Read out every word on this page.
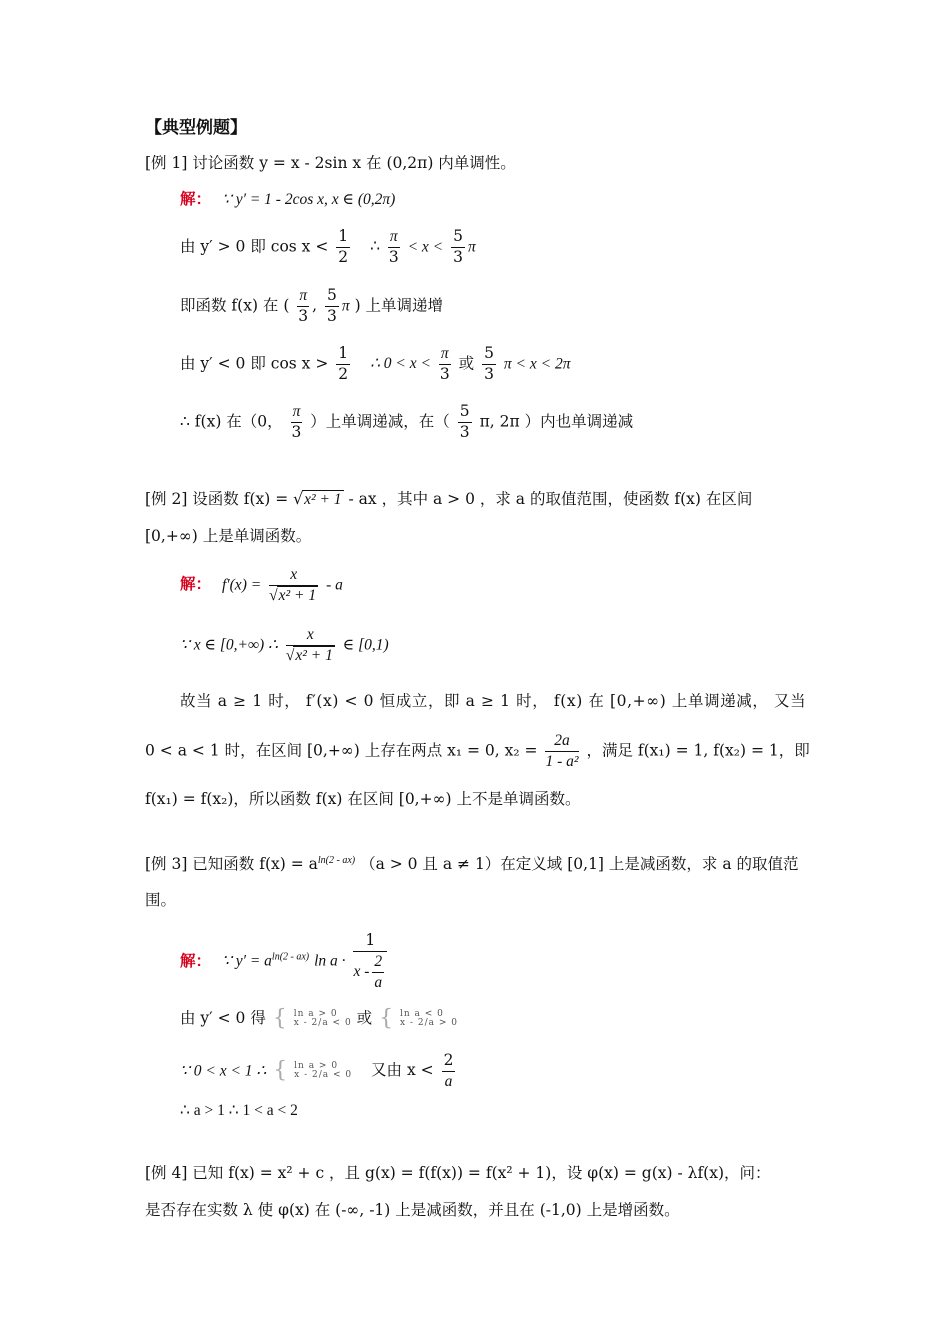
【典型例题】
[例 1] 讨论函数 y = x - 2sin x 在 (0,2π) 内单调性。
解： ∵ y′ = 1 - 2cos x, x ∈ (0,2π)
由 y′ > 0 即 $\cos x < \frac{1}{2}$ ∴ $\frac{\pi}{3} < x < \frac{5}{3}$ π
即函数 f(x) 在 ( $\frac{\pi}{3}$ , $\frac{5}{3}$ π ) 上单调递增
由 y′ < 0 即 $\cos x > \frac{1}{2}$ ∴ $0 < x < \frac{\pi}{3}$ 或 $\frac{5}{3}$ π < x < 2π
∴ f(x) 在（0， $\frac{\pi}{3}$ ）上单调递减，在（ $\frac{5}{3} \pi$, 2π ）内也单调递减
[例 2] 设函数 f(x) = √x² + 1 - ax ，其中 a > 0 ，求 a 的取值范围，使函数 f(x) 在区间
[0,+∞) 上是单调函数。
解： $f'(x) = \frac{x}{\text{√x² + 1}} - a$
∵ x ∈ [0,+∞) ∴ $\frac{x}{\text{√x² + 1}}$ ∈ [0,1)
故当 a ≥ 1 时， f′(x) < 0 恒成立，即 a ≥ 1 时， f(x) 在 [0,+∞) 上单调递减， 又当
0 < a < 1 时，在区间 [0,+∞) 上存在两点 x₁ = 0, $x_2 = \frac{2a}{\text{1 - a²}}$ ，满足 f(x₁) = 1, f(x₂) = 1，即
f(x₁) = f(x₂)，所以函数 f(x) 在区间 [0,+∞) 上不是单调函数。
[例 3] 已知函数 $f(x) = a^{ln(2 - ax)}$ （a > 0 且 a ≠ 1）在定义域 [0,1] 上是减函数，求 a 的取值范
围。
解： ∵ $y' = a^{ln(2 - ax)}$ $\ln a \cdot \frac{1}{x - \frac{2}{a}}$
由 y′ < 0 得 { ln a > 0
x - 2/a < 0 或 { ln a < 0
x - 2/a > 0
∵ 0 < x < 1 ∴ { ln a > 0
x - 2/a < 0 又由 $x < \frac{2}{a}$
∴ a > 1 ∴ 1 < a < 2
[例 4] 已知 f(x) = x² + c ，且 g(x) = f(f(x)) = f(x² + 1)，设 φ(x) = g(x) - λf(x)，问：
是否存在实数 λ 使 φ(x) 在 (-∞, -1) 上是减函数，并且在 (-1,0) 上是增函数。
